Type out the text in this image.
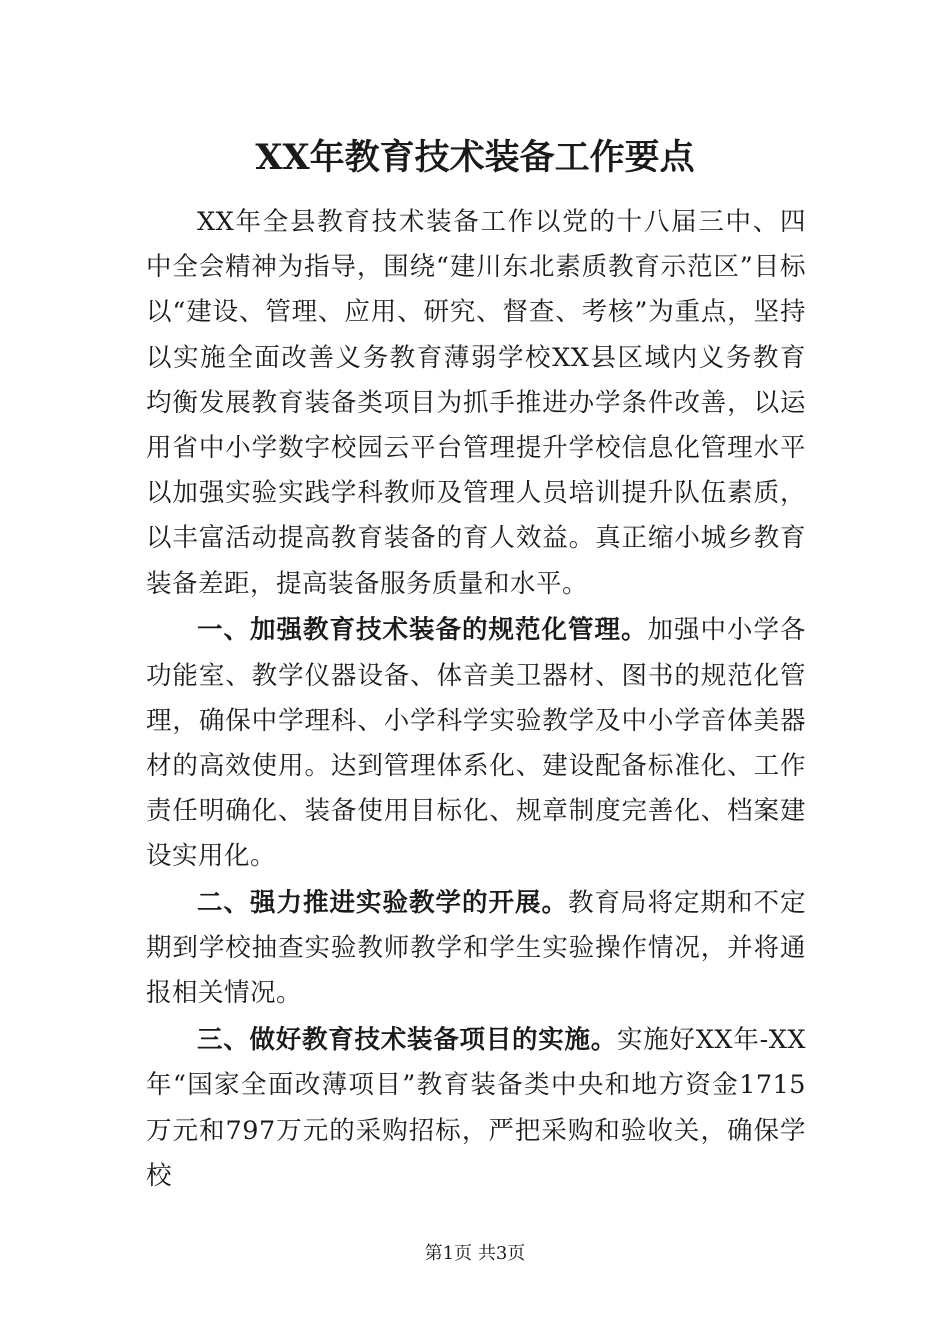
XX年教育技术装备工作要点

XX年全县教育技术装备工作以党的十八届三中、四中全会精神为指导，围绕“建川东北素质教育示范区”目标以“建设、管理、应用、研究、督查、考核”为重点，坚持以实施全面改善义务教育薄弱学校XX县区域内义务教育均衡发展教育装备类项目为抓手推进办学条件改善，以运用省中小学数字校园云平台管理提升学校信息化管理水平以加强实验实践学科教师及管理人员培训提升队伍素质，以丰富活动提高教育装备的育人效益。真正缩小城乡教育装备差距，提高装备服务质量和水平。

一、加强教育技术装备的规范化管理。加强中小学各功能室、教学仪器设备、体音美卫器材、图书的规范化管理，确保中学理科、小学科学实验教学及中小学音体美器材的高效使用。达到管理体系化、建设配备标准化、工作责任明确化、装备使用目标化、规章制度完善化、档案建设实用化。

二、强力推进实验教学的开展。教育局将定期和不定期到学校抽查实验教师教学和学生实验操作情况，并将通报相关情况。

三、做好教育技术装备项目的实施。实施好XX年-XX年“国家全面改薄项目”教育装备类中央和地方资金1715万元和797万元的采购招标，严把采购和验收关，确保学校

第1页 共3页
